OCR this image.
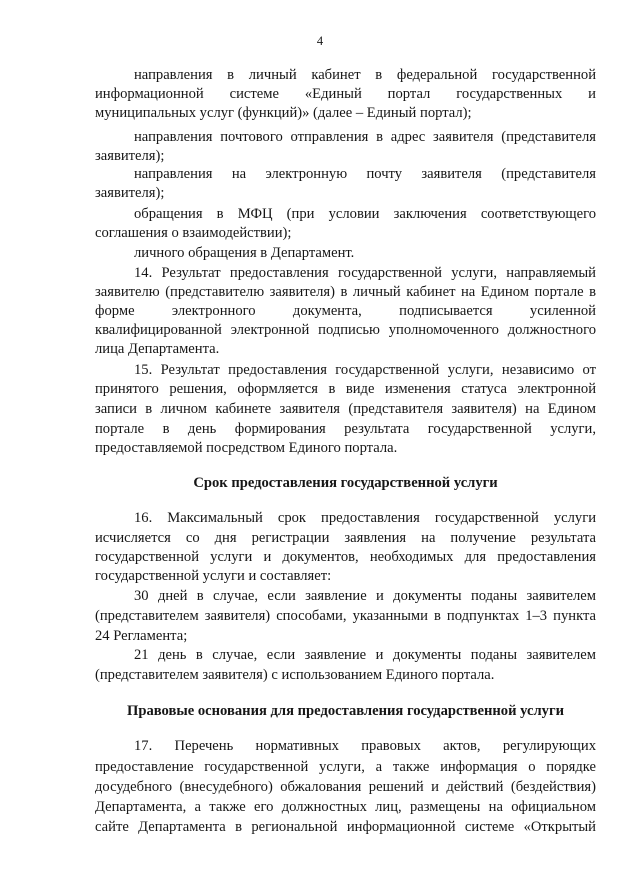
4
направления в личный кабинет в федеральной государственной
информационной системе «Единый портал государственных и
муниципальных услуг (функций)» (далее – Единый портал);
направления почтового отправления в адрес заявителя (представителя
заявителя);
направления на электронную почту заявителя (представителя
заявителя);
обращения в МФЦ (при условии заключения соответствующего
соглашения о взаимодействии);
личного обращения в Департамент.
14. Результат предоставления государственной услуги, направляемый
заявителю (представителю заявителя) в личный кабинет на Едином портале в
форме электронного документа, подписывается усиленной
квалифицированной электронной подписью уполномоченного должностного
лица Департамента.
15. Результат предоставления государственной услуги, независимо от
принятого решения, оформляется в виде изменения статуса электронной
записи в личном кабинете заявителя (представителя заявителя) на Едином
портале в день формирования результата государственной услуги,
предоставляемой посредством Единого портала.
Срок предоставления государственной услуги
16. Максимальный срок предоставления государственной услуги
исчисляется со дня регистрации заявления на получение результата
государственной услуги и документов, необходимых для предоставления
государственной услуги и составляет:
30 дней в случае, если заявление и документы поданы заявителем
(представителем заявителя) способами, указанными в подпунктах 1–3 пункта
24 Регламента;
21 день в случае, если заявление и документы поданы заявителем
(представителем заявителя) с использованием Единого портала.
Правовые основания для предоставления государственной услуги
17. Перечень нормативных правовых актов, регулирующих
предоставление государственной услуги, а также информация о порядке
досудебного (внесудебного) обжалования решений и действий (бездействия)
Департамента, а также его должностных лиц, размещены на официальном
сайте Департамента в региональной информационной системе «Открытый
